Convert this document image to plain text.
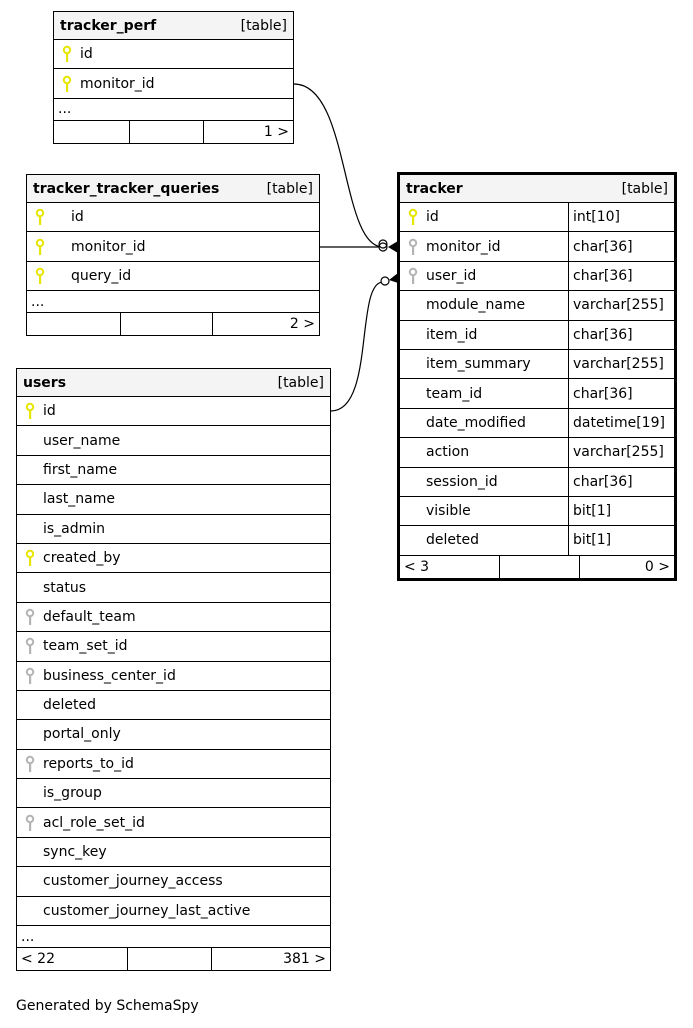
tracker_perf	[table]
id
monitor_id
...
1 >
tracker_tracker_queries	[table]
id
monitor_id
query_id
...
2 >
users	[table]
id
user_name
first_name
last_name
is_admin
created_by
status
default_team
team_set_id
business_center_id
deleted
portal_only
reports_to_id
is_group
acl_role_set_id
sync_key
customer_journey_access
customer_journey_last_active
...
< 22	381 >
tracker	[table]
id	int[10]
monitor_id	char[36]
user_id	char[36]
module_name	varchar[255]
item_id	char[36]
item_summary	varchar[255]
team_id	char[36]
date_modified	datetime[19]
action	varchar[255]
session_id	char[36]
visible	bit[1]
deleted	bit[1]
< 3	0 >
Generated by SchemaSpy
